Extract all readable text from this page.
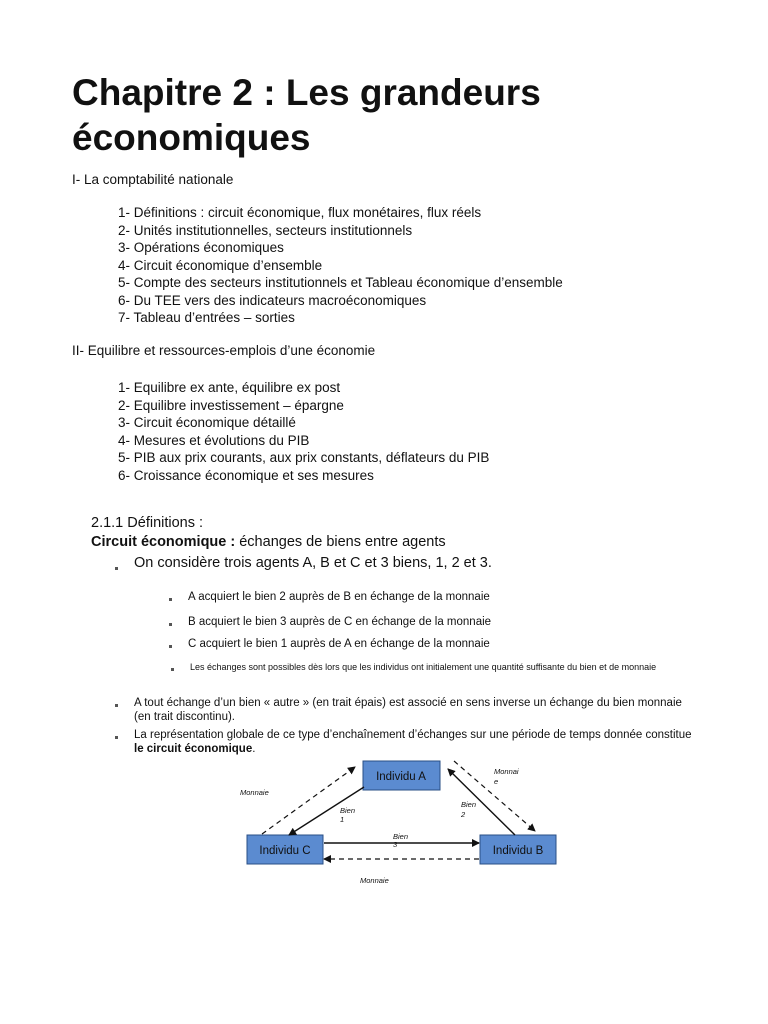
Chapitre 2 : Les grandeurs économiques

I- La comptabilité nationale

1- Définitions : circuit économique, flux monétaires, flux réels
2- Unités institutionnelles, secteurs institutionnels
3- Opérations économiques
4- Circuit économique d’ensemble
5- Compte des secteurs institutionnels et Tableau économique d’ensemble
6- Du TEE vers des indicateurs macroéconomiques
7- Tableau d’entrées – sorties

II- Equilibre et ressources-emplois d’une économie

1- Equilibre ex ante, équilibre ex post
2- Equilibre investissement – épargne
3- Circuit économique détaillé
4- Mesures et évolutions du PIB
5- PIB aux prix courants, aux prix constants, déflateurs du PIB
6- Croissance économique et ses mesures
2.1.1 Définitions :
Circuit économique : échanges de biens entre agents
On considère trois agents A, B et C et 3 biens, 1, 2 et 3.
A acquiert le bien 2 auprès de B en échange de la monnaie
B acquiert le bien 3 auprès de C en échange de la monnaie
C acquiert le bien 1 auprès de A en échange de la monnaie
Les échanges sont possibles dès lors que les individus ont initialement une quantité suffisante du bien et de monnaie
A tout échange d’un bien « autre » (en trait épais) est associé en sens inverse un échange du bien monnaie (en trait discontinu).
La représentation globale de ce type d’enchaînement d’échanges sur une période de temps donnée constitue le circuit économique.
Individu A
Individu C	Individu B
Monnaie
Monnai
e
Bien
1
Bien
2
Bien
3
Monnaie
